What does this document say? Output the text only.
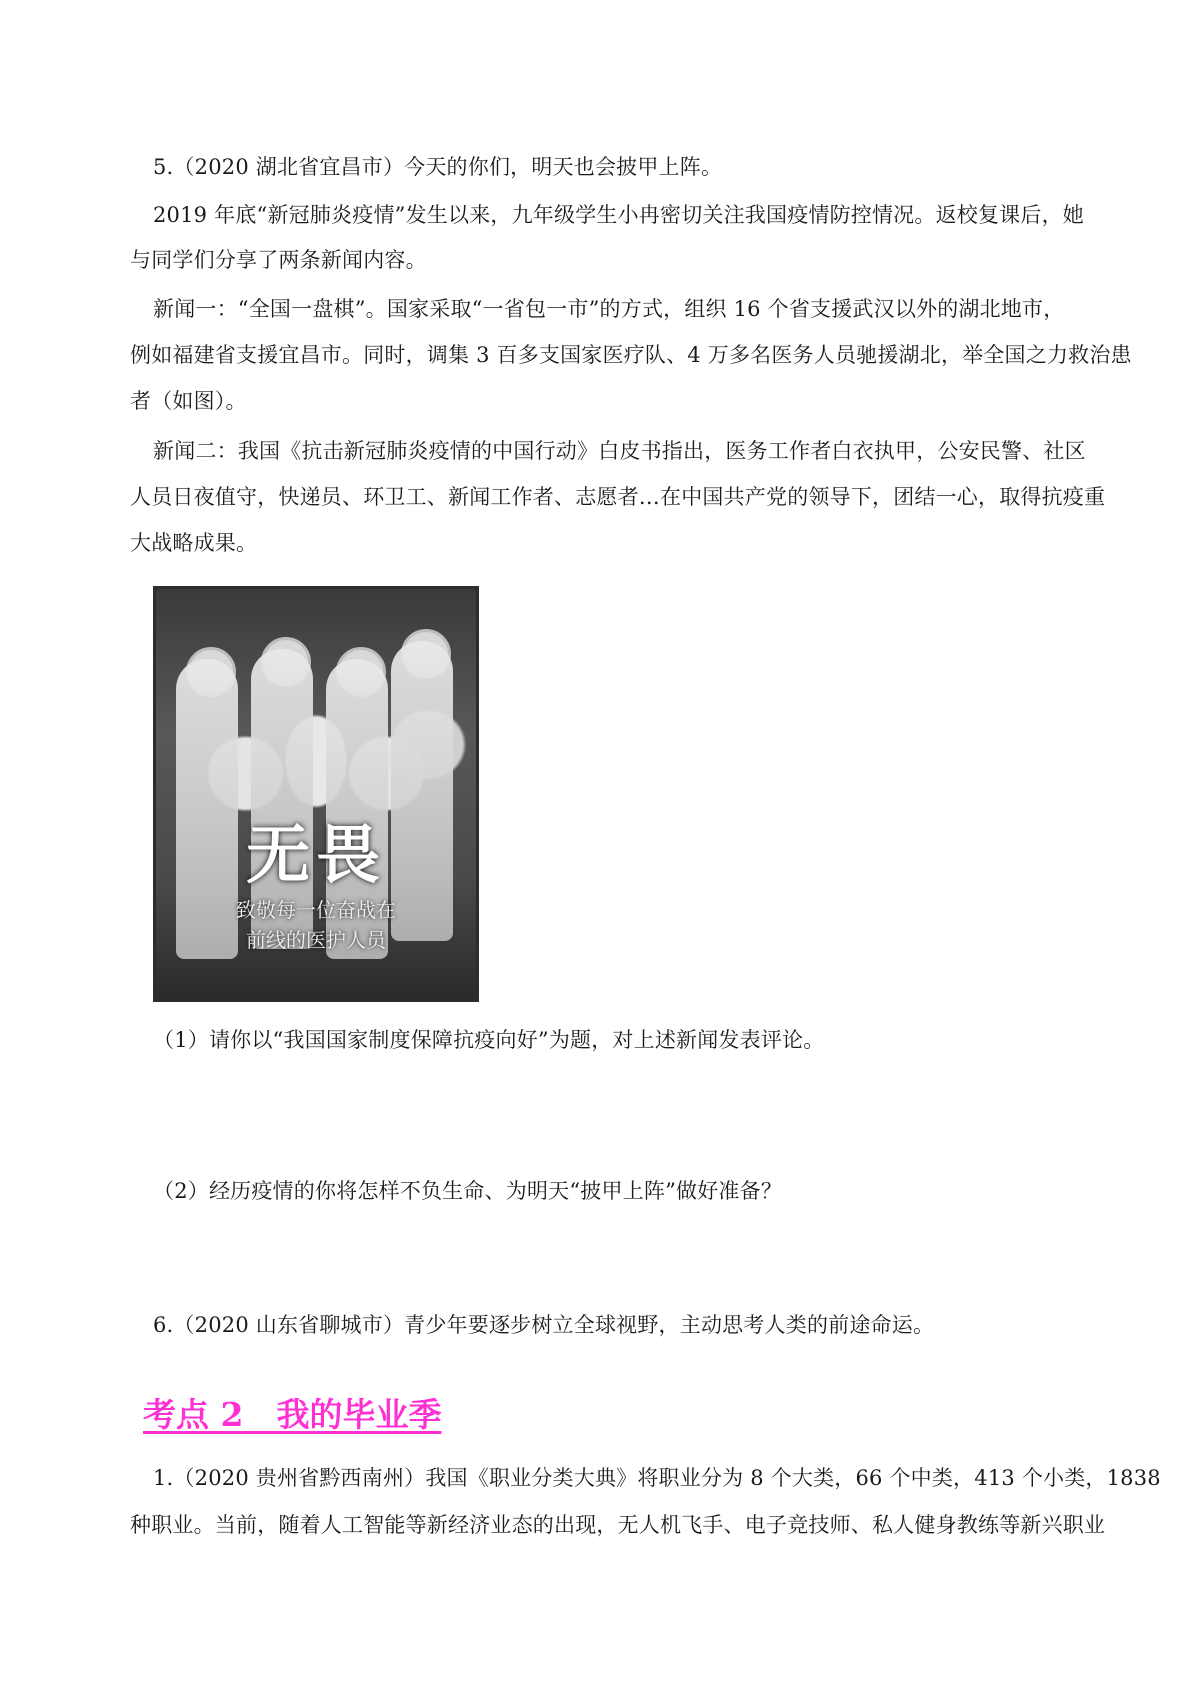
5.（2020 湖北省宜昌市）今天的你们，明天也会披甲上阵。

2019 年底“新冠肺炎疫情”发生以来，九年级学生小冉密切关注我国疫情防控情况。返校复课后，她

与同学们分享了两条新闻内容。

新闻一：“全国一盘棋”。国家采取“一省包一市”的方式，组织 16 个省支援武汉以外的湖北地市，

例如福建省支援宜昌市。同时，调集 3 百多支国家医疗队、4 万多名医务人员驰援湖北，举全国之力救治患

者（如图）。

新闻二：我国《抗击新冠肺炎疫情的中国行动》白皮书指出，医务工作者白衣执甲，公安民警、社区

人员日夜值守，快递员、环卫工、新闻工作者、志愿者…在中国共产党的领导下，团结一心，取得抗疫重

大战略成果。

无畏
致敬每一位奋战在
前线的医护人员

（1）请你以“我国国家制度保障抗疫向好”为题，对上述新闻发表评论。

（2）经历疫情的你将怎样不负生命、为明天“披甲上阵”做好准备？

6.（2020 山东省聊城市）青少年要逐步树立全球视野，主动思考人类的前途命运。

考点 2　我的毕业季

1.（2020 贵州省黔西南州）我国《职业分类大典》将职业分为 8 个大类，66 个中类，413 个小类，1838

种职业。当前，随着人工智能等新经济业态的出现，无人机飞手、电子竞技师、私人健身教练等新兴职业
